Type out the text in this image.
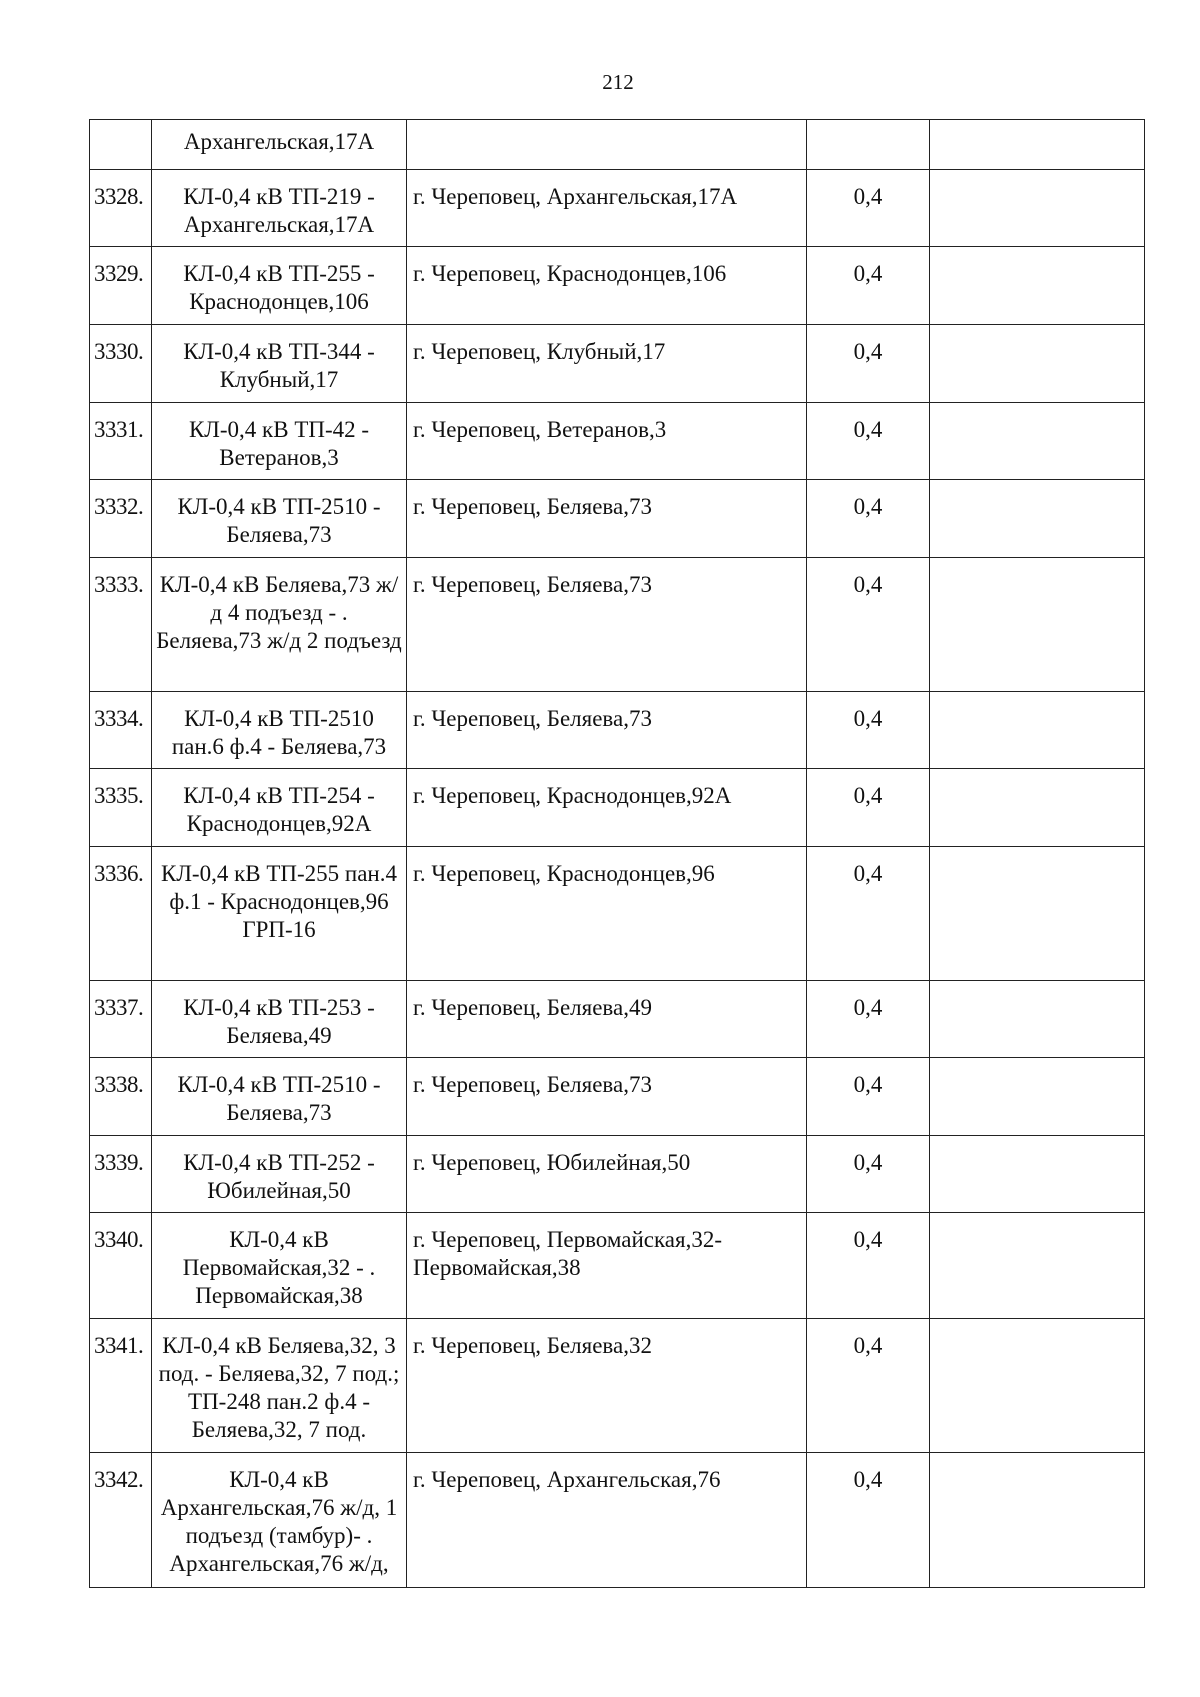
212
	Архангельская,17А			
3328.	КЛ-0,4 кВ ТП-219 - Архангельская,17А	г. Череповец, Архангельская,17А	0,4	
3329.	КЛ-0,4 кВ ТП-255 - Краснодонцев,106	г. Череповец, Краснодонцев,106	0,4	
3330.	КЛ-0,4 кВ ТП-344 - Клубный,17	г. Череповец, Клубный,17	0,4	
3331.	КЛ-0,4 кВ ТП-42 - Ветеранов,3	г. Череповец, Ветеранов,3	0,4	
3332.	КЛ-0,4 кВ ТП-2510 - Беляева,73	г. Череповец, Беляева,73	0,4	
3333.	КЛ-0,4 кВ Беляева,73 ж/д 4 подъезд - . Беляева,73 ж/д 2 подъезд	г. Череповец, Беляева,73	0,4	
3334.	КЛ-0,4 кВ ТП-2510 пан.6 ф.4 - Беляева,73	г. Череповец, Беляева,73	0,4	
3335.	КЛ-0,4 кВ ТП-254 - Краснодонцев,92А	г. Череповец, Краснодонцев,92А	0,4	
3336.	КЛ-0,4 кВ ТП-255 пан.4 ф.1 - Краснодонцев,96 ГРП-16	г. Череповец, Краснодонцев,96	0,4	
3337.	КЛ-0,4 кВ ТП-253 - Беляева,49	г. Череповец, Беляева,49	0,4	
3338.	КЛ-0,4 кВ ТП-2510 - Беляева,73	г. Череповец, Беляева,73	0,4	
3339.	КЛ-0,4 кВ ТП-252 - Юбилейная,50	г. Череповец, Юбилейная,50	0,4	
3340.	КЛ-0,4 кВ Первомайская,32 - . Первомайская,38	г. Череповец, Первомайская,32-Первомайская,38	0,4	
3341.	КЛ-0,4 кВ Беляева,32, 3 под. - Беляева,32, 7 под.; ТП-248 пан.2 ф.4 - Беляева,32, 7 под.	г. Череповец, Беляева,32	0,4	
3342.	КЛ-0,4 кВ Архангельская,76 ж/д, 1 подъезд (тамбур)- . Архангельская,76 ж/д,	г. Череповец, Архангельская,76	0,4	
